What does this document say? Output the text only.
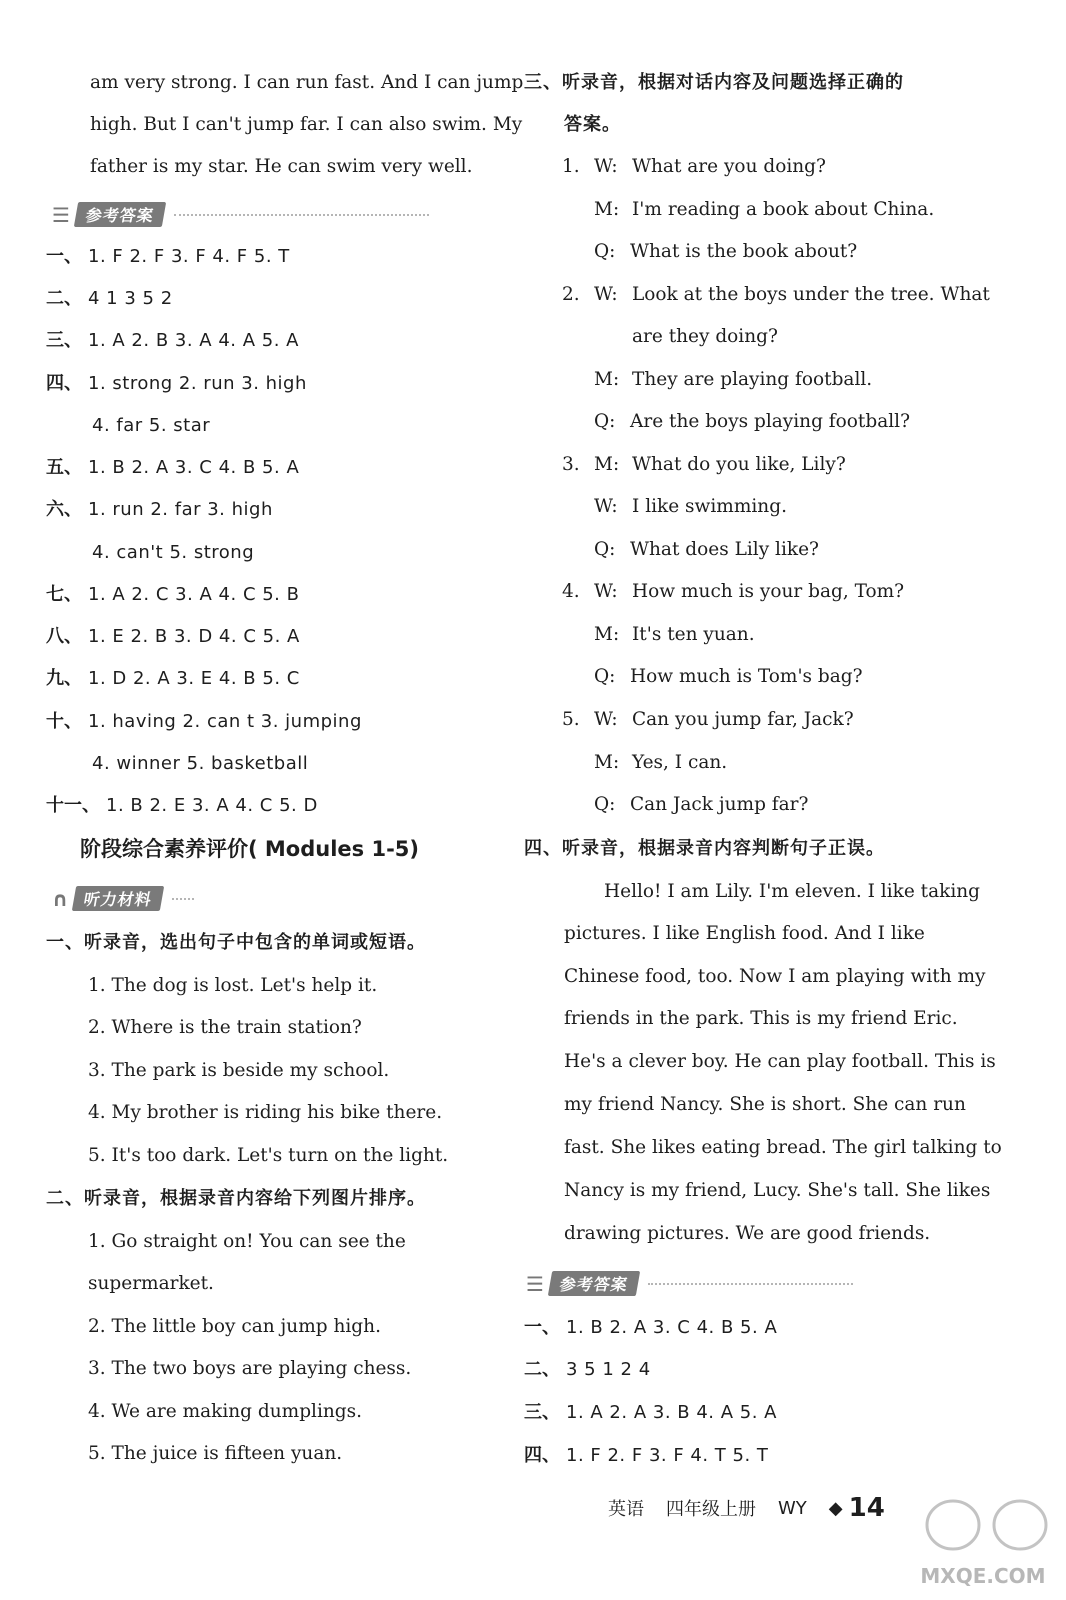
am very strong. I can run fast. And I can jump
high. But I can't jump far. I can also swim. My
father is my star. He can swim very well.
☰ 参考答案
一、 1. F 2. F 3. F 4. F 5. T
二、 4 1 3 5 2
三、 1. A 2. B 3. A 4. A 5. A
四、 1. strong 2. run 3. high
4. far 5. star
五、 1. B 2. A 3. C 4. B 5. A
六、 1. run 2. far 3. high
4. can't 5. strong
七、 1. A 2. C 3. A 4. C 5. B
八、 1. E 2. B 3. D 4. C 5. A
九、 1. D 2. A 3. E 4. B 5. C
十、 1. having 2. can t 3. jumping
4. winner 5. basketball
十一、 1. B 2. E 3. A 4. C 5. D
阶段综合素养评价( Modules 1-5)
∩ 听力材料
一、听录音，选出句子中包含的单词或短语。
1. The dog is lost. Let's help it.
2. Where is the train station?
3. The park is beside my school.
4. My brother is riding his bike there.
5. It's too dark. Let's turn on the light.
二、听录音，根据录音内容给下列图片排序。
1. Go straight on! You can see the
supermarket.
2. The little boy can jump high.
3. The two boys are playing chess.
4. We are making dumplings.
5. The juice is fifteen yuan.
三、听录音，根据对话内容及问题选择正确的
答案。
1. W: What are you doing?
M: I'm reading a book about China.
Q: What is the book about?
2. W: Look at the boys under the tree. What
are they doing?
M: They are playing football.
Q: Are the boys playing football?
3. M: What do you like, Lily?
W: I like swimming.
Q: What does Lily like?
4. W: How much is your bag, Tom?
M: It's ten yuan.
Q: How much is Tom's bag?
5. W: Can you jump far, Jack?
M: Yes, I can.
Q: Can Jack jump far?
四、听录音，根据录音内容判断句子正误。
Hello! I am Lily. I'm eleven. I like taking
pictures. I like English food. And I like
Chinese food, too. Now I am playing with my
friends in the park. This is my friend Eric.
He's a clever boy. He can play football. This is
my friend Nancy. She is short. She can run
fast. She likes eating bread. The girl talking to
Nancy is my friend, Lucy. She's tall. She likes
drawing pictures. We are good friends.
☰ 参考答案
一、 1. B 2. A 3. C 4. B 5. A
二、 3 5 1 2 4
三、 1. A 2. A 3. B 4. A 5. A
四、 1. F 2. F 3. F 4. T 5. T
英语 四年级上册 WY ◆ 14
MXQE.COM
